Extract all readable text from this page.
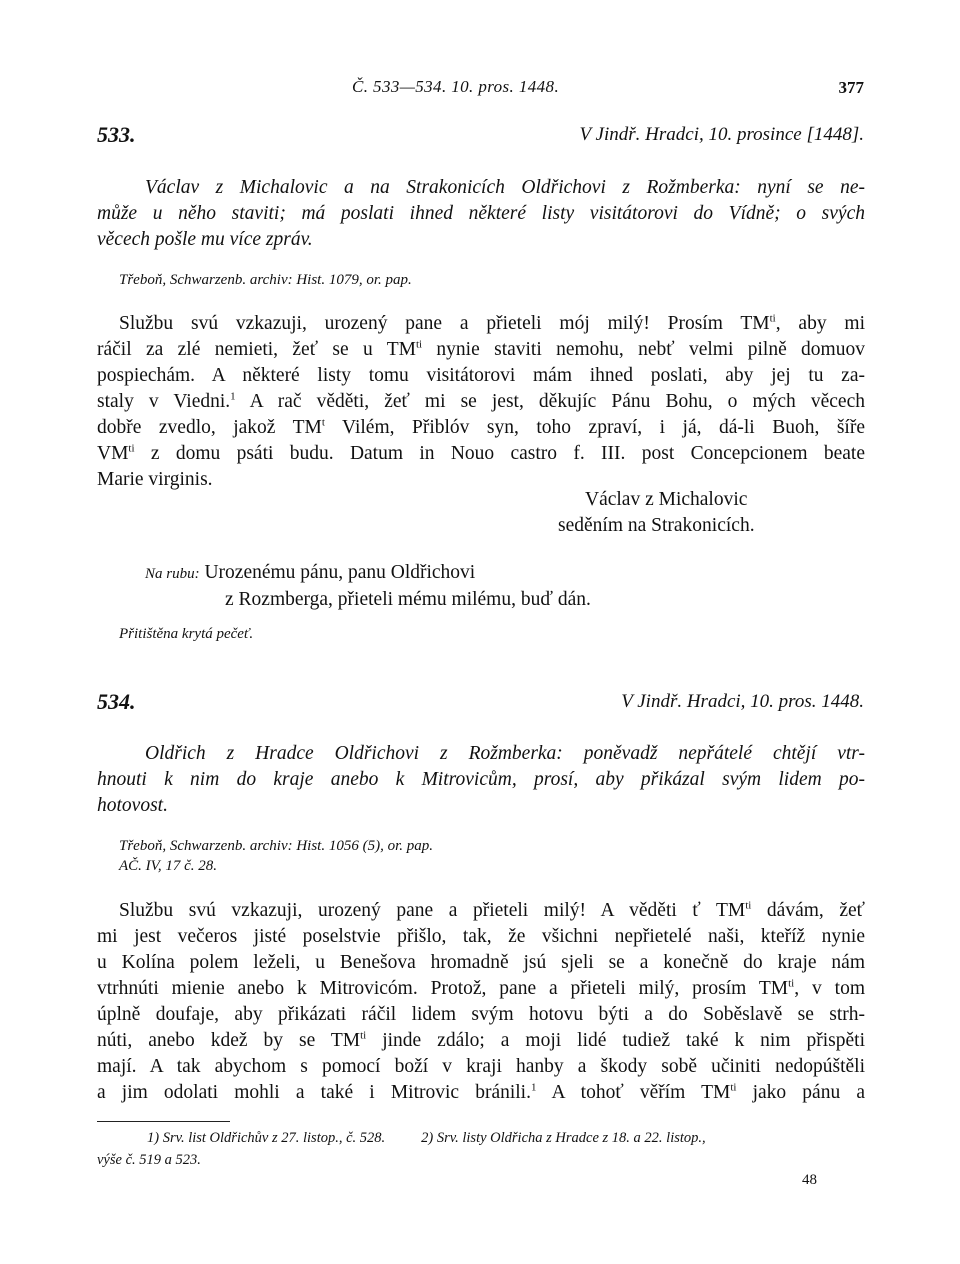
Č. 533—534. 10. pros. 1448.	377
533.	V Jindř. Hradci, 10. prosince [1448].
Václav z Michalovic a na Strakonicích Oldřichovi z Rožmberka: nyní se ne-
může u něho staviti; má poslati ihned některé listy visitátorovi do Vídně; o svých
věcech pošle mu více zpráv.
Třeboň, Schwarzenb. archiv: Hist. 1079, or. pap.
Službu svú vzkazuji, urozený pane a přieteli mój milý! Prosím $TM^{ti}$, aby mi
ráčil za zlé nemieti, žeť se u $TM^{ti}$ nynie staviti nemohu, nebť velmi pilně domuov
pospiechám. A některé listy tomu visitátorovi mám ihned poslati, aby jej tu za-
staly v Viedni.$^1$ A rač věděti, žeť mi se jest, děkujíc Pánu Bohu, o mých věcech
dobře zvedlo, jakož $TM^t$ Vilém, Přiblóv syn, toho zpraví, i já, dá-li Buoh, šíře
$VM^{ti}$ z domu psáti budu. Datum in Nouo castro f. III. post Concepcionem beate
Marie virginis.
Václav z Michalovic
seděním na Strakonicích.
Na rubu: Urozenému pánu, panu Oldřichovi
z Rozmberga, přieteli mému milému, buď dán.
Přitištěna krytá pečeť.
534.	V Jindř. Hradci, 10. pros. 1448.
Oldřich z Hradce Oldřichovi z Rožmberka: poněvadž nepřátelé chtějí vtr-
hnouti k nim do kraje anebo k Mitrovicům, prosí, aby přikázal svým lidem po-
hotovost.
Třeboň, Schwarzenb. archiv: Hist. 1056 (5), or. pap.
AČ. IV, 17 č. 28.
Službu svú vzkazuji, urozený pane a přieteli milý! A věděti ť $TM^{ti}$ dávám, žeť
mi jest večeros jisté poselstvie přišlo, tak, že všichni nepřietelé naši, kteříž nynie
u Kolína polem leželi, u Benešova hromadně jsú sjeli se a konečně do kraje nám
vtrhnúti mienie anebo k Mitrovicóm. Protož, pane a přieteli milý, prosím $TM^{ti}$, v tom
úplně doufaje, aby přikázati ráčil lidem svým hotovu býti a do Soběslavě se strh-
núti, anebo kdež by se $TM^{ti}$ jinde zdálo; a moji lidé tudiež také k nim přispěti
mají. A tak abychom s pomocí boží v kraji hanby a škody sobě učiniti nedopúštěli
a jim odolati mohli a také i Mitrovic bránili.$^1$ A tohoť věřím $TM^{ti}$ jako pánu a
1) Srv. list Oldřichův z 27. listop., č. 528. 2) Srv. listy Oldřicha z Hradce z 18. a 22. listop.,
výše č. 519 a 523.
48
